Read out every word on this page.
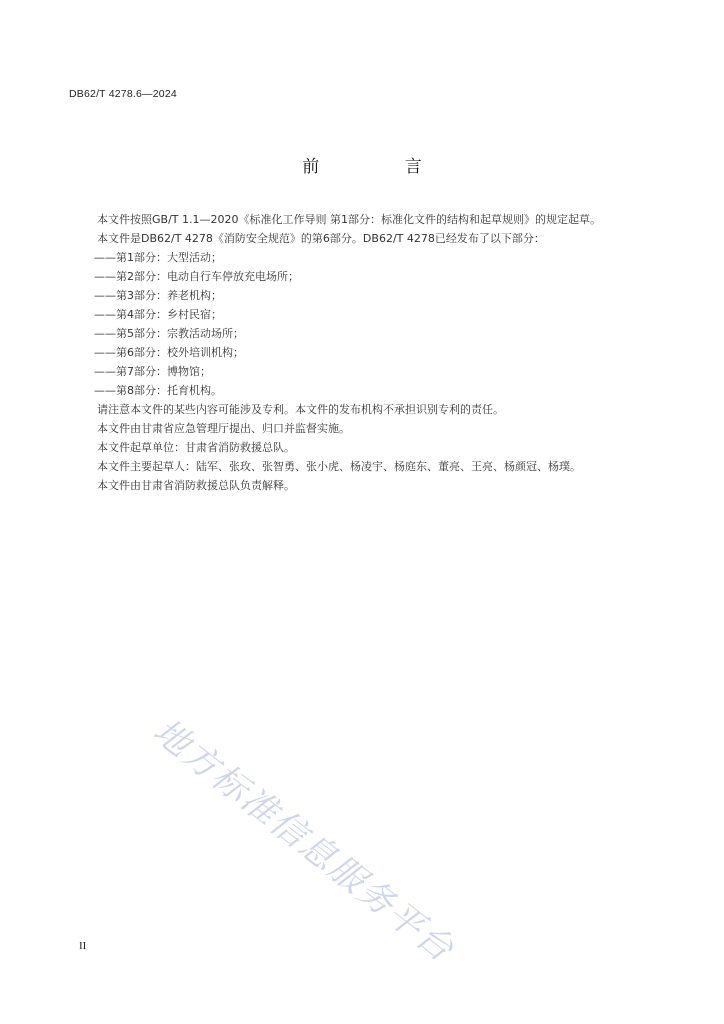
DB62/T 4278.6—2024
前 言

本文件按照GB/T 1.1—2020《标准化工作导则 第1部分：标准化文件的结构和起草规则》的规定起草。

本文件是DB62/T 4278《消防安全规范》的第6部分。DB62/T 4278已经发布了以下部分：

——第1部分：大型活动；

——第2部分：电动自行车停放充电场所；

——第3部分：养老机构；

——第4部分：乡村民宿；

——第5部分：宗教活动场所；

——第6部分：校外培训机构；

——第7部分：博物馆；

——第8部分：托育机构。

请注意本文件的某些内容可能涉及专利。本文件的发布机构不承担识别专利的责任。

本文件由甘肃省应急管理厅提出、归口并监督实施。

本文件起草单位：甘肃省消防救援总队。

本文件主要起草人：陆军、张玫、张智勇、张小虎、杨凌宇、杨庭东、董亮、王亮、杨颜冠、杨璞。

本文件由甘肃省消防救援总队负责解释。

地方标准信息服务平台
II
